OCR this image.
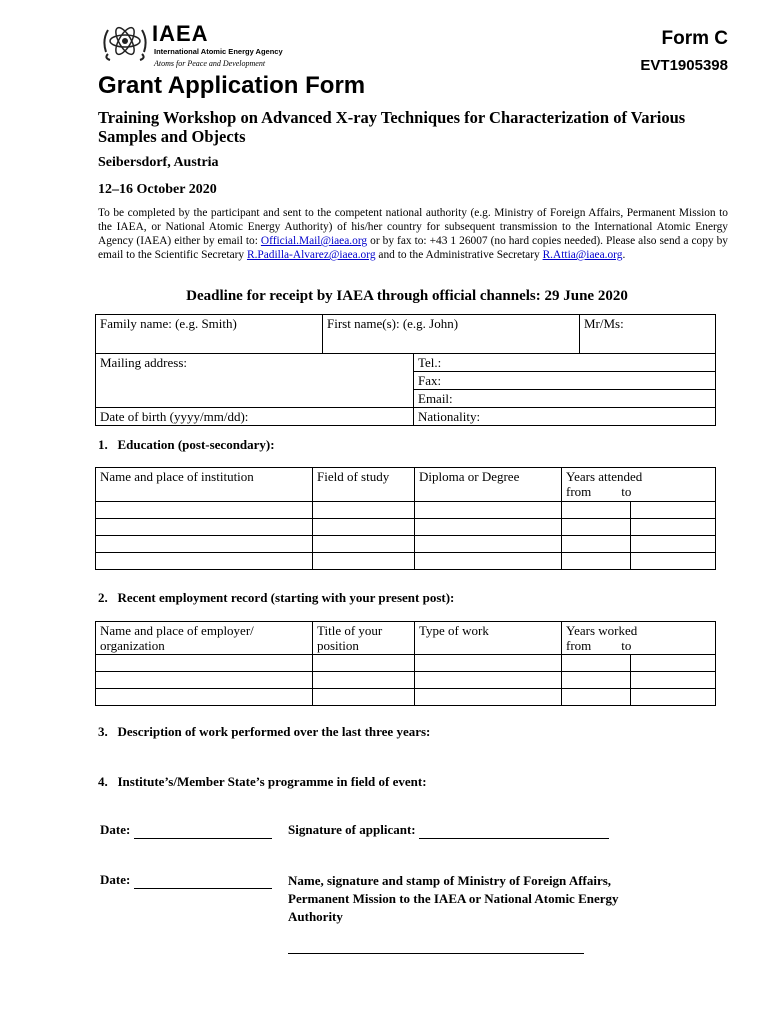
IAEA
International Atomic Energy Agency
Atoms for Peace and Development
Form C
EVT1905398
Grant Application Form
Training Workshop on Advanced X-ray Techniques for Characterization of Various Samples and Objects
Seibersdorf, Austria
12–16 October 2020
To be completed by the participant and sent to the competent national authority (e.g. Ministry of Foreign Affairs, Permanent Mission to the IAEA, or National Atomic Energy Authority) of his/her country for subsequent transmission to the International Atomic Energy Agency (IAEA) either by email to: Official.Mail@iaea.org or by fax to: +43 1 26007 (no hard copies needed). Please also send a copy by email to the Scientific Secretary R.Padilla-Alvarez@iaea.org and to the Administrative Secretary R.Attia@iaea.org.
Deadline for receipt by IAEA through official channels: 29 June 2020
Family name: (e.g. Smith)	First name(s): (e.g. John)	Mr/Ms:
Mailing address:	Tel.:
	Fax:
	Email:
Date of birth (yyyy/mm/dd):	Nationality:
1.   Education (post-secondary):
Name and place of institution	Field of study	Diploma or Degree	Years attended
from to	

2.   Recent employment record (starting with your present post):
Name and place of employer/ organization	Title of your position	Type of work	Years worked
from to	

3.   Description of work performed over the last three years:
4.   Institute’s/Member State’s programme in field of event:
Date:	Signature of applicant:
Date:	Name, signature and stamp of Ministry of Foreign Affairs, Permanent Mission to the IAEA or National Atomic Energy Authority
